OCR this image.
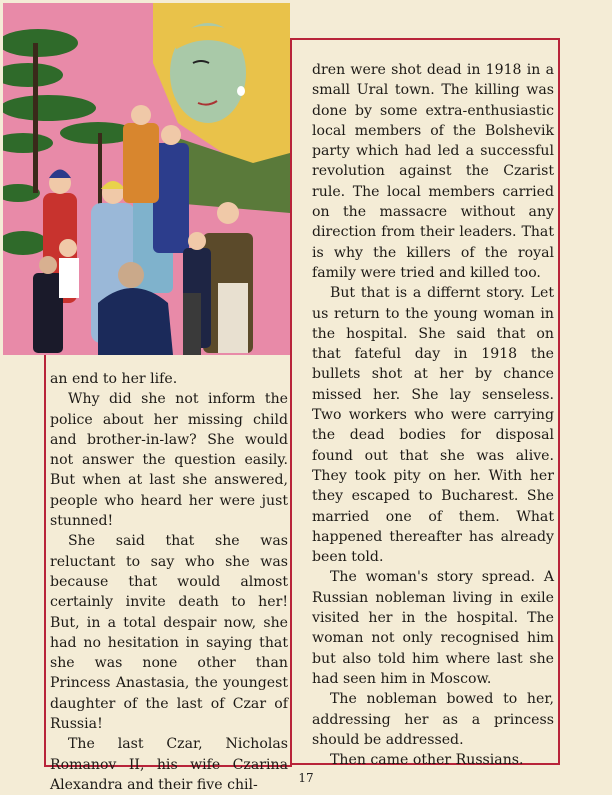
an end to her life.

Why did she not inform the police about her missing child and brother-in-law? She would not answer the question easily. But when at last she answered, people who heard her were just stunned!

She said that she was reluctant to say who she was because that would almost certainly invite death to her! But, in a total despair now, she had no hesitation in saying that she was none other than Princess Anastasia, the youngest daughter of the last of Czar of Russia!

The last Czar, Nicholas Romanov II, his wife Czarina Alexandra and their five chil-

dren were shot dead in 1918 in a small Ural town. The killing was done by some extra-enthusiastic local members of the Bolshevik party which had led a successful revolution against the Czarist rule. The local members carried on the massacre without any direction from their leaders. That is why the killers of the royal family were tried and killed too.

But that is a differnt story. Let us return to the young woman in the hospital. She said that on that fateful day in 1918 the bullets shot at her by chance missed her. She lay senseless. Two workers who were carrying the dead bodies for disposal found out that she was alive. They took pity on her. With her they escaped to Bucharest. She married one of them. What happened thereafter has already been told.

The woman's story spread. A Russian nobleman living in exile visited her in the hospital. The woman not only recognised him but also told him where last she had seen him in Moscow.

The nobleman bowed to her, addressing her as a princess should be addressed.

Then came other Russians.

17
